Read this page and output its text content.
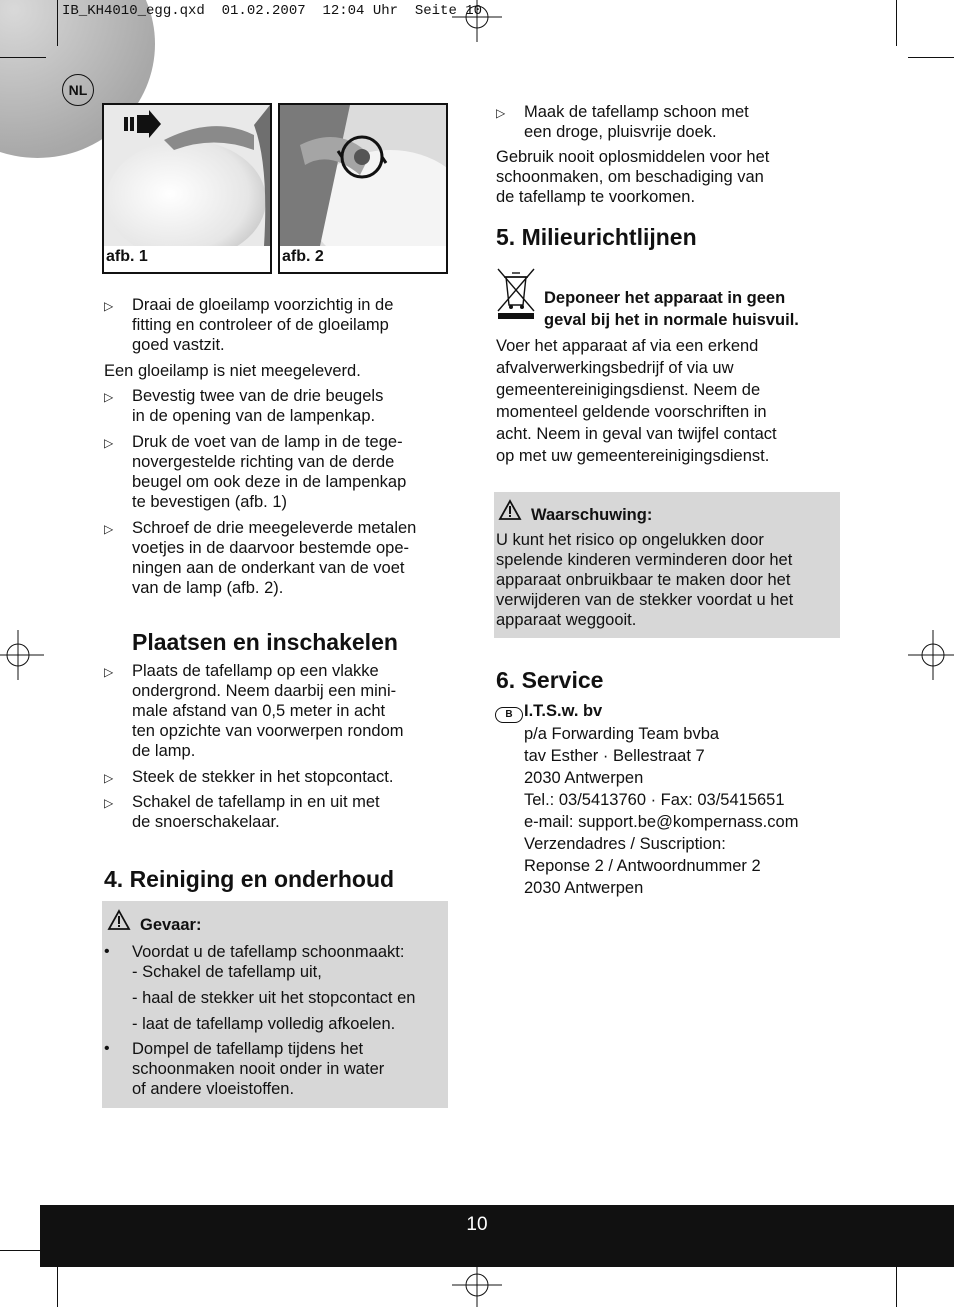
IB_KH4010_egg.qxd  01.02.2007  12:04 Uhr  Seite 10
NL
afb. 1	afb. 2
▷ Draai de gloeilamp voorzichtig in de
fitting en controleer of de gloeilamp
goed vastzit.
Een gloeilamp is niet meegeleverd.
▷ Bevestig twee van de drie beugels
in de opening van de lampenkap.
▷ Druk de voet van de lamp in de tege-
novergestelde richting van de derde
beugel om ook deze in de lampenkap
te bevestigen (afb. 1)
▷ Schroef de drie meegeleverde metalen
voetjes in de daarvoor bestemde ope-
ningen aan de onderkant van de voet
van de lamp (afb. 2).
Plaatsen en inschakelen
▷ Plaats de tafellamp op een vlakke
ondergrond. Neem daarbij een mini-
male afstand van 0,5 meter in acht
ten opzichte van voorwerpen rondom
de lamp.
▷ Steek de stekker in het stopcontact.
▷ Schakel de tafellamp in en uit met
de snoerschakelaar.
4. Reiniging en onderhoud
Gevaar:
• Voordat u de tafellamp schoonmaakt:
- Schakel de tafellamp uit,
- haal de stekker uit het stopcontact en
- laat de tafellamp volledig afkoelen.
• Dompel de tafellamp tijdens het
schoonmaken nooit onder in water
of andere vloeistoffen.
▷ Maak de tafellamp schoon met
een droge, pluisvrije doek.
Gebruik nooit oplosmiddelen voor het
schoonmaken, om beschadiging van
de tafellamp te voorkomen.
5. Milieurichtlijnen
Deponeer het apparaat in geen
geval bij het in normale huisvuil.
Voer het apparaat af via een erkend
afvalverwerkingsbedrijf of via uw
gemeentereinigingsdienst. Neem de
momenteel geldende voorschriften in
acht. Neem in geval van twijfel contact
op met uw gemeentereinigingsdienst.
Waarschuwing:
U kunt het risico op ongelukken door
spelende kinderen verminderen door het
apparaat onbruikbaar te maken door het
verwijderen van de stekker voordat u het
apparaat weggooit.
6. Service
B I.T.S.w. bv
p/a Forwarding Team bvba
tav Esther · Bellestraat 7
2030 Antwerpen
Tel.: 03/5413760 · Fax: 03/5415651
e-mail: support.be@kompernass.com
Verzendadres / Suscription:
Reponse 2 / Antwoordnummer 2
2030 Antwerpen
10
